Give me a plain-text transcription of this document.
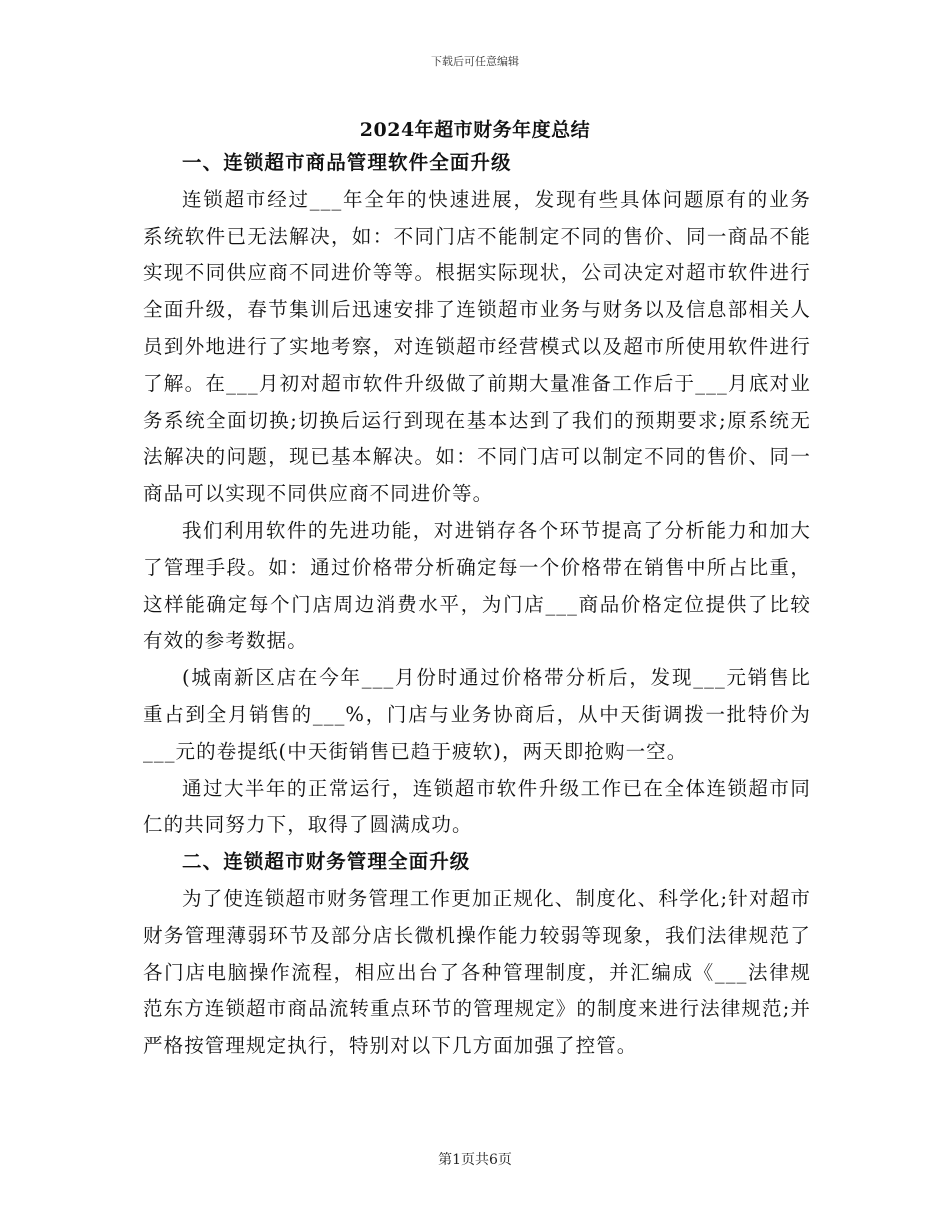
下载后可任意编辑
2024年超市财务年度总结

一、连锁超市商品管理软件全面升级

连锁超市经过___年全年的快速进展，发现有些具体问题原有的业务系统软件已无法解决，如：不同门店不能制定不同的售价、同一商品不能实现不同供应商不同进价等等。根据实际现状，公司决定对超市软件进行全面升级，春节集训后迅速安排了连锁超市业务与财务以及信息部相关人员到外地进行了实地考察，对连锁超市经营模式以及超市所使用软件进行了解。在___月初对超市软件升级做了前期大量准备工作后于___月底对业务系统全面切换;切换后运行到现在基本达到了我们的预期要求;原系统无法解决的问题，现已基本解决。如：不同门店可以制定不同的售价、同一商品可以实现不同供应商不同进价等。

我们利用软件的先进功能，对进销存各个环节提高了分析能力和加大了管理手段。如：通过价格带分析确定每一个价格带在销售中所占比重，这样能确定每个门店周边消费水平，为门店___商品价格定位提供了比较有效的参考数据。

(城南新区店在今年___月份时通过价格带分析后，发现___元销售比重占到全月销售的___%，门店与业务协商后，从中天街调拨一批特价为___元的卷提纸(中天街销售已趋于疲软)，两天即抢购一空。

通过大半年的正常运行，连锁超市软件升级工作已在全体连锁超市同仁的共同努力下，取得了圆满成功。

二、连锁超市财务管理全面升级

为了使连锁超市财务管理工作更加正规化、制度化、科学化;针对超市财务管理薄弱环节及部分店长微机操作能力较弱等现象，我们法律规范了各门店电脑操作流程，相应出台了各种管理制度，并汇编成《___法律规范东方连锁超市商品流转重点环节的管理规定》的制度来进行法律规范;并严格按管理规定执行，特别对以下几方面加强了控管。

第1页共6页
